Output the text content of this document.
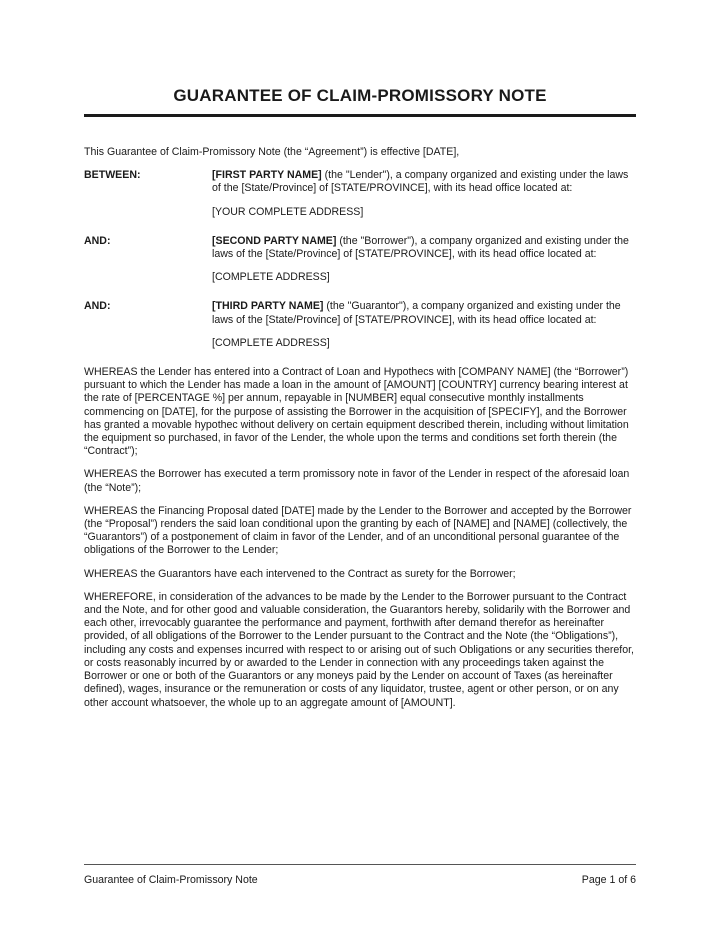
GUARANTEE OF CLAIM-PROMISSORY NOTE

This Guarantee of Claim-Promissory Note (the “Agreement”) is effective [DATE],

BETWEEN:	[FIRST PARTY NAME] (the "Lender"), a company organized and existing under the laws of the [State/Province] of [STATE/PROVINCE], with its head office located at:

[YOUR COMPLETE ADDRESS]

AND:	[SECOND PARTY NAME] (the "Borrower"), a company organized and existing under the laws of the [State/Province] of [STATE/PROVINCE], with its head office located at:

[COMPLETE ADDRESS]

AND:	[THIRD PARTY NAME] (the "Guarantor"), a company organized and existing under the laws of the [State/Province] of [STATE/PROVINCE], with its head office located at:

[COMPLETE ADDRESS]

WHEREAS the Lender has entered into a Contract of Loan and Hypothecs with [COMPANY NAME] (the “Borrower”) pursuant to which the Lender has made a loan in the amount of [AMOUNT] [COUNTRY] currency bearing interest at the rate of [PERCENTAGE %] per annum, repayable in [NUMBER] equal consecutive monthly installments commencing on [DATE], for the purpose of assisting the Borrower in the acquisition of [SPECIFY], and the Borrower has granted a movable hypothec without delivery on certain equipment described therein, including without limitation the equipment so purchased, in favor of the Lender, the whole upon the terms and conditions set forth therein (the “Contract”);

WHEREAS the Borrower has executed a term promissory note in favor of the Lender in respect of the aforesaid loan (the “Note”);

WHEREAS the Financing Proposal dated [DATE] made by the Lender to the Borrower and accepted by the Borrower (the “Proposal”) renders the said loan conditional upon the granting by each of [NAME] and [NAME] (collectively, the “Guarantors”) of a postponement of claim in favor of the Lender, and of an unconditional personal guarantee of the obligations of the Borrower to the Lender;

WHEREAS the Guarantors have each intervened to the Contract as surety for the Borrower;

WHEREFORE, in consideration of the advances to be made by the Lender to the Borrower pursuant to the Contract and the Note, and for other good and valuable consideration, the Guarantors hereby, solidarily with the Borrower and each other, irrevocably guarantee the performance and payment, forthwith after demand therefor as hereinafter provided, of all obligations of the Borrower to the Lender pursuant to the Contract and the Note (the “Obligations”), including any costs and expenses incurred with respect to or arising out of such Obligations or any securities therefor, or costs reasonably incurred by or awarded to the Lender in connection with any proceedings taken against the Borrower or one or both of the Guarantors or any moneys paid by the Lender on account of Taxes (as hereinafter defined), wages, insurance or the remuneration or costs of any liquidator, trustee, agent or other person, or on any other account whatsoever, the whole up to an aggregate amount of [AMOUNT].

Guarantee of Claim-Promissory Note	Page 1 of 6
